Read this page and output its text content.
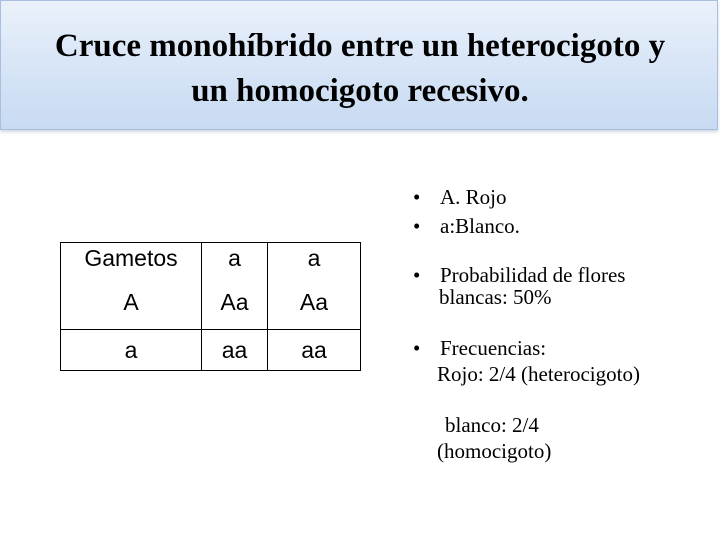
Cruce monohíbrido entre un heterocigoto y
un homocigoto recesivo.
Gametos	a	a
A	Aa	Aa
a	aa	aa
• A. Rojo
• a:Blanco.
• Probabilidad de flores
blancas: 50%
• Frecuencias:
Rojo: 2/4 (heterocigoto)
blanco: 2/4
(homocigoto)
